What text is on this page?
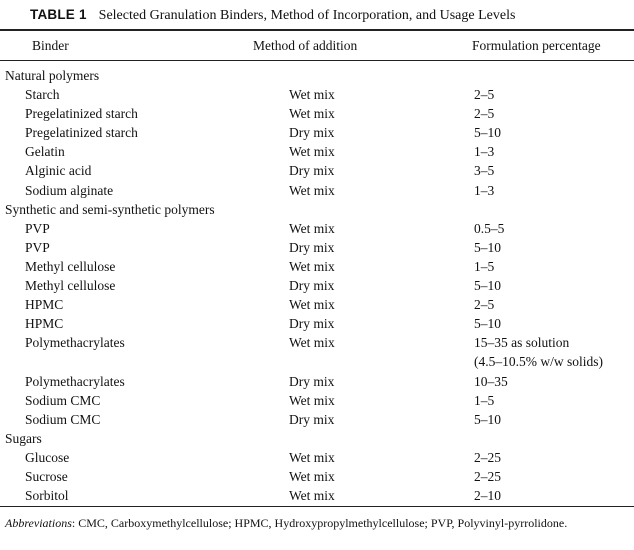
TABLE 1 Selected Granulation Binders, Method of Incorporation, and Usage Levels
Binder	Method of addition	Formulation percentage
Natural polymers
Starch	Wet mix	2–5
Pregelatinized starch	Wet mix	2–5
Pregelatinized starch	Dry mix	5–10
Gelatin	Wet mix	1–3
Alginic acid	Dry mix	3–5
Sodium alginate	Wet mix	1–3
Synthetic and semi-synthetic polymers
PVP	Wet mix	0.5–5
PVP	Dry mix	5–10
Methyl cellulose	Wet mix	1–5
Methyl cellulose	Dry mix	5–10
HPMC	Wet mix	2–5
HPMC	Dry mix	5–10
Polymethacrylates	Wet mix	15–35 as solution
(4.5–10.5% w/w solids)
Polymethacrylates	Dry mix	10–35
Sodium CMC	Wet mix	1–5
Sodium CMC	Dry mix	5–10
Sugars
Glucose	Wet mix	2–25
Sucrose	Wet mix	2–25
Sorbitol	Wet mix	2–10
Abbreviations: CMC, Carboxymethylcellulose; HPMC, Hydroxypropylmethylcellulose; PVP, Polyvinyl-pyrrolidone.
